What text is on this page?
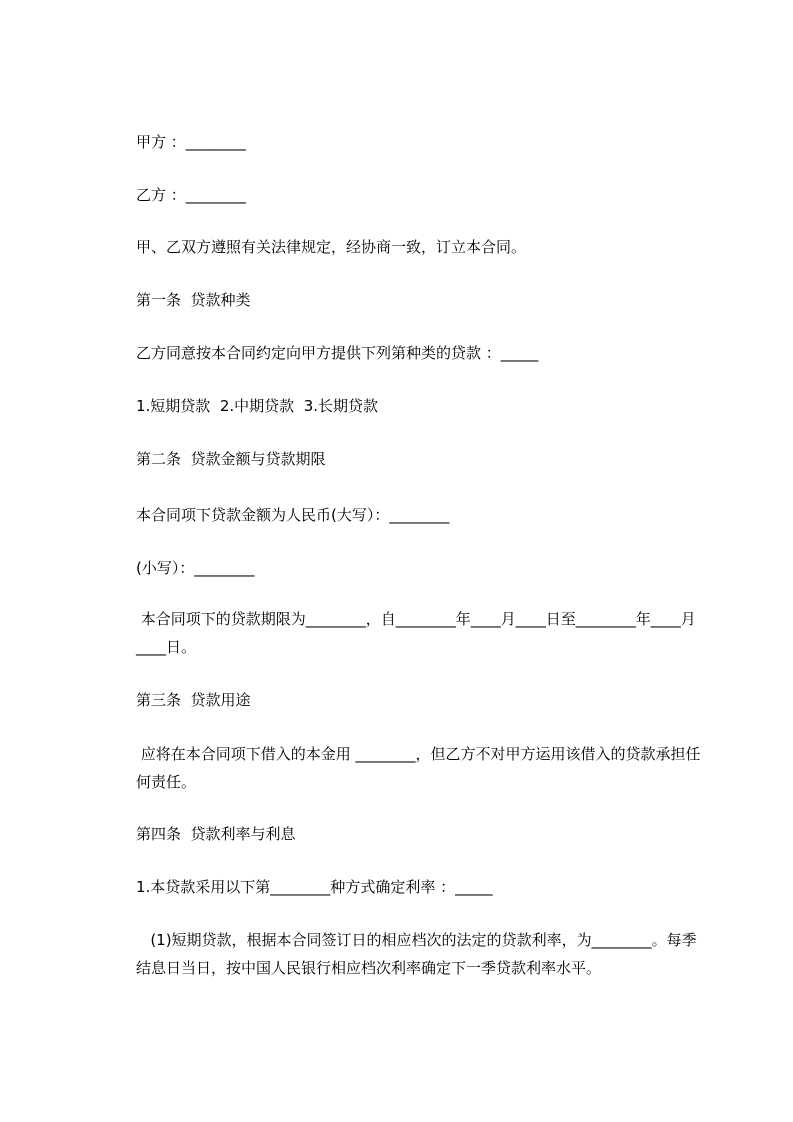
甲方 ：________
乙方 ：________
甲、乙双方遵照有关法律规定，经协商一致，订立本合同。
第一条  贷款种类
乙方同意按本合同约定向甲方提供下列第种类的贷款 ：_____
1.短期贷款  2.中期贷款  3.长期贷款
第二条  贷款金额与贷款期限
本合同项下贷款金额为人民币(大写）：________
(小写）：________
本合同项下的贷款期限为________，自________年____月____日至________年____月____日。
第三条  贷款用途
应将在本合同项下借入的本金用 ________，但乙方不对甲方运用该借入的贷款承担任何责任。
第四条  贷款利率与利息
1.本贷款采用以下第________种方式确定利率 ：_____
(1)短期贷款，根据本合同签订日的相应档次的法定的贷款利率，为________。每季结息日当日，按中国人民银行相应档次利率确定下一季贷款利率水平。
